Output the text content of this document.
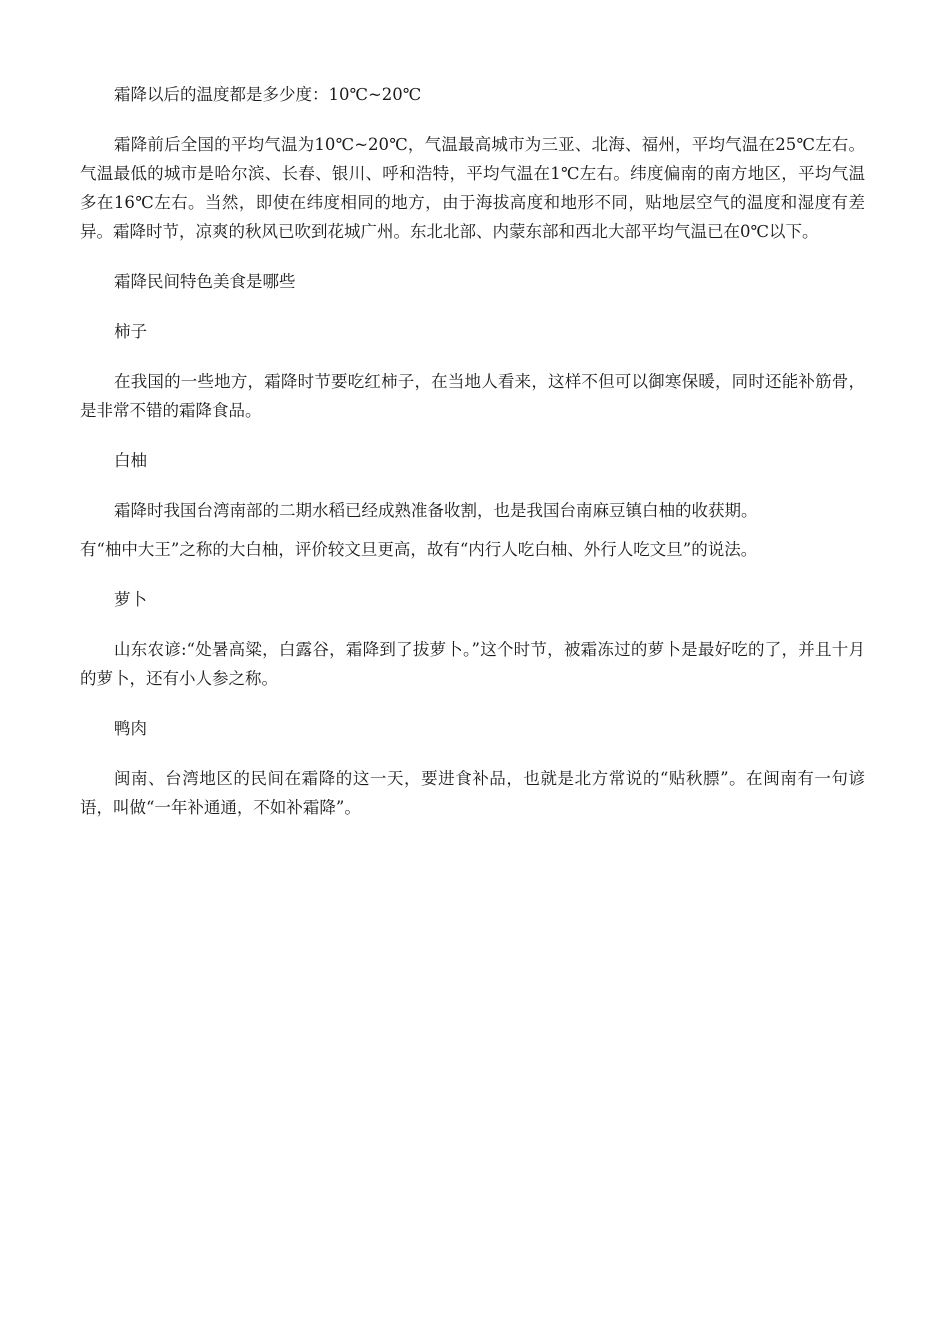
霜降以后的温度都是多少度：10℃~20℃

霜降前后全国的平均气温为10℃~20℃，气温最高城市为三亚、北海、福州，平均气温在25℃左右。气温最低的城市是哈尔滨、长春、银川、呼和浩特，平均气温在1℃左右。纬度偏南的南方地区，平均气温多在16℃左右。当然，即使在纬度相同的地方，由于海拔高度和地形不同，贴地层空气的温度和湿度有差异。霜降时节，凉爽的秋风已吹到花城广州。东北北部、内蒙东部和西北大部平均气温已在0℃以下。

霜降民间特色美食是哪些

柿子

在我国的一些地方，霜降时节要吃红柿子，在当地人看来，这样不但可以御寒保暖，同时还能补筋骨，是非常不错的霜降食品。

白柚

霜降时我国台湾南部的二期水稻已经成熟准备收割，也是我国台南麻豆镇白柚的收获期。

有“柚中大王”之称的大白柚，评价较文旦更高，故有“内行人吃白柚、外行人吃文旦”的说法。

萝卜

山东农谚:“处暑高粱，白露谷，霜降到了拔萝卜。”这个时节，被霜冻过的萝卜是最好吃的了，并且十月的萝卜，还有小人参之称。

鸭肉

闽南、台湾地区的民间在霜降的这一天，要进食补品，也就是北方常说的“贴秋膘”。在闽南有一句谚语，叫做“一年补通通，不如补霜降”。
